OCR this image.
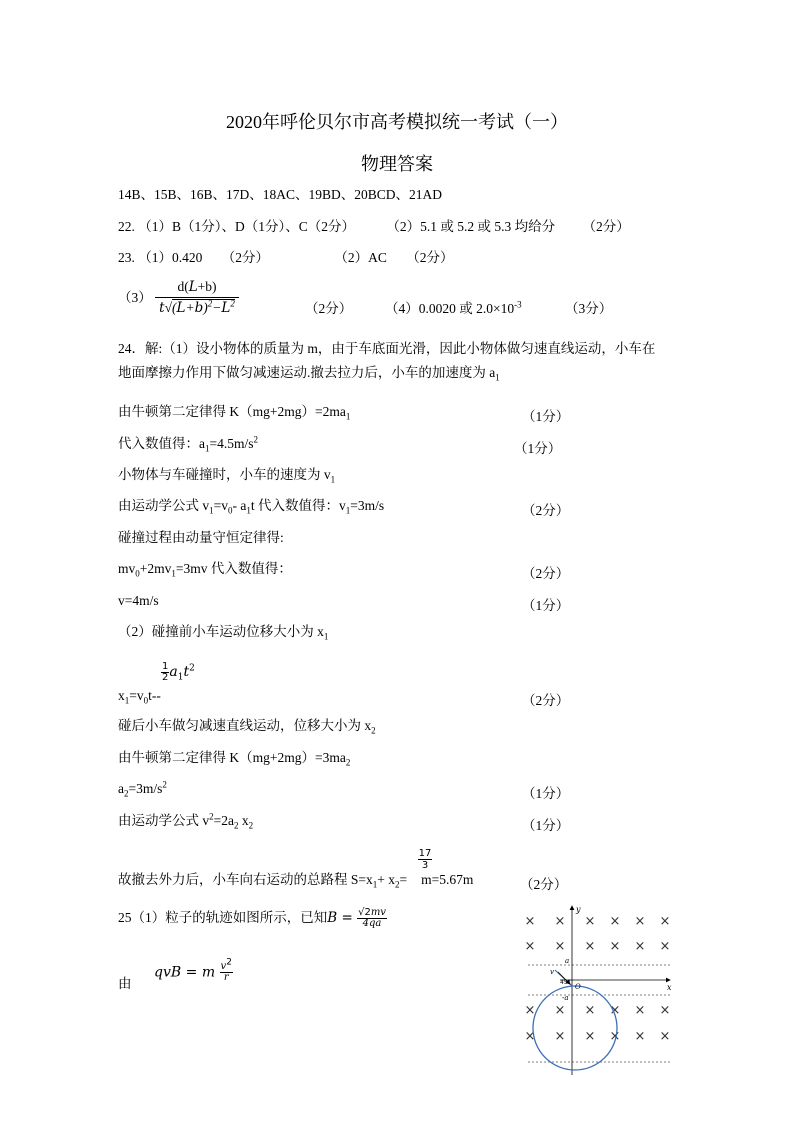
2020年呼伦贝尔市高考模拟统一考试（一）
物理答案
14B、15B、16B、17D、18AC、19BD、20BCD、21AD
22. （1）B（1分）、D（1分）、C（2分） （2）5.1 或 5.2 或 5.3 均给分 （2分）
23. （1）0.420 （2分）	（2）AC （2分）
$(3) \frac{d(L+b)}{t√(L+b)^2-L^2}$	（2分） （4）0.0020 或 $2.0\times 10^{-3}$	（3分）
24．解:（1）设小物体的质量为 m，由于车底面光滑，因此小物体做匀速直线运动，小车在
地面摩擦力作用下做匀减速运动.撤去拉力后，小车的加速度为 $a_1$
由牛顿第二定律得 $K(mg+2mg)=2ma_1$	（1分）
代入数值得：$a_1=4.5m/s^2$
（1分）
小物体与车碰撞时，小车的速度为 $v_1$
由运动学公式 $v_1=v_0-$ $a_1t$ 代入数值得：$v_1=3m/s$	（2分）
碰撞过程由动量守恒定律得:
$mv_0+2mv_1=3mv$ 代入数值得：	（2分）
v=4m/s	（1分）
（2）碰撞前小车运动位移大小为 $x_1$
$\frac{1}{2} a_1t^2$
$x_1=v_0t--$	（2分）
碰后小车做匀减速直线运动，位移大小为 $x_2$
由牛顿第二定律得 $K(mg+2mg)=3ma_2$
$a_2=3m/s^2$
（1分）
由运动学公式 $v^2=2a_2$ $x_2$	（1分）
$\frac{17}{3}$
故撤去外力后，小车向右运动的总路程 $S=x_1+ x_2= m=5.67m$	（2分）
25（1）粒子的轨迹如图所示，已知$B = \frac{√2mv}{4qa}$
qvB = m $\frac{v^2}{r}$
由
× × × × × ×
× × × × × ×
× × × × × ×
× × × × × ×
y
x
a
-a
O
v
45°
